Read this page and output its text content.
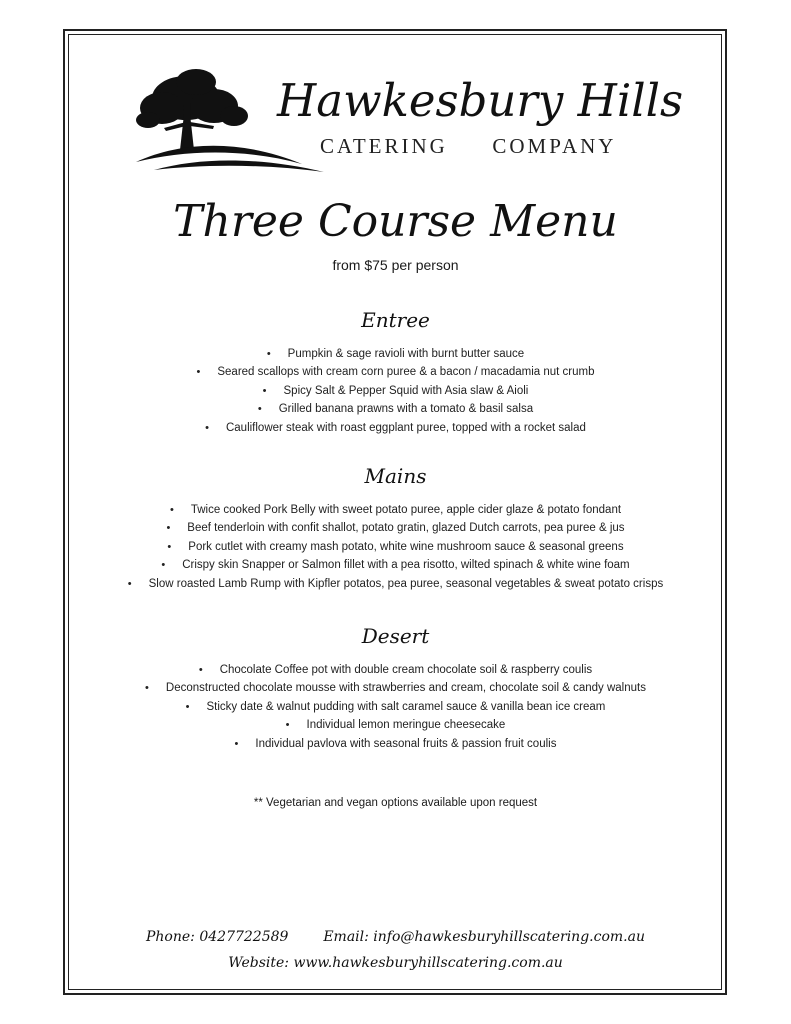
Hawkesbury Hills
CATERING COMPANY
Three Course Menu
from $75 per person
Entree
• Pumpkin & sage ravioli with burnt butter sauce
• Seared scallops with cream corn puree & a bacon / macadamia nut crumb
• Spicy Salt & Pepper Squid with Asia slaw & Aioli
• Grilled banana prawns with a tomato & basil salsa
• Cauliflower steak with roast eggplant puree, topped with a rocket salad
Mains
• Twice cooked Pork Belly with sweet potato puree, apple cider glaze & potato fondant
• Beef tenderloin with confit shallot, potato gratin, glazed Dutch carrots, pea puree & jus
• Pork cutlet with creamy mash potato, white wine mushroom sauce & seasonal greens
• Crispy skin Snapper or Salmon fillet with a pea risotto, wilted spinach & white wine foam
• Slow roasted Lamb Rump with Kipfler potatos, pea puree, seasonal vegetables & sweat potato crisps
Desert
• Chocolate Coffee pot with double cream chocolate soil & raspberry coulis
• Deconstructed chocolate mousse with strawberries and cream, chocolate soil & candy walnuts
• Sticky date & walnut pudding with salt caramel sauce & vanilla bean ice cream
• Individual lemon meringue cheesecake
• Individual pavlova with seasonal fruits & passion fruit coulis
** Vegetarian and vegan options available upon request
Phone: 0427722589 Email: info@hawkesburyhillscatering.com.au
Website: www.hawkesburyhillscatering.com.au
